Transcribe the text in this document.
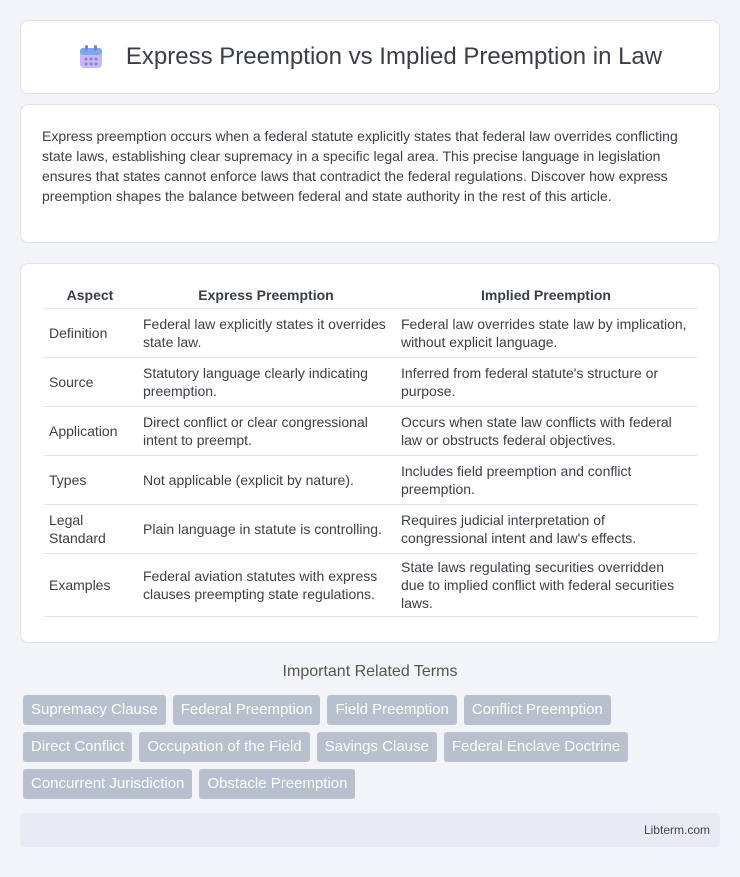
Express Preemption vs Implied Preemption in Law

Express preemption occurs when a federal statute explicitly states that federal law overrides conflicting state laws, establishing clear supremacy in a specific legal area. This precise language in legislation ensures that states cannot enforce laws that contradict the federal regulations. Discover how express preemption shapes the balance between federal and state authority in the rest of this article.

Aspect	Express Preemption	Implied Preemption
Definition	Federal law explicitly states it overrides state law.	Federal law overrides state law by implication, without explicit language.
Source	Statutory language clearly indicating preemption.	Inferred from federal statute's structure or purpose.
Application	Direct conflict or clear congressional intent to preempt.	Occurs when state law conflicts with federal law or obstructs federal objectives.
Types	Not applicable (explicit by nature).	Includes field preemption and conflict preemption.
Legal Standard	Plain language in statute is controlling.	Requires judicial interpretation of congressional intent and law's effects.
Examples	Federal aviation statutes with express clauses preempting state regulations.	State laws regulating securities overridden due to implied conflict with federal securities laws.
Important Related Terms
Supremacy Clause	Federal Preemption	Field Preemption	Conflict Preemption
Direct Conflict	Occupation of the Field	Savings Clause	Federal Enclave Doctrine
Concurrent Jurisdiction	Obstacle Preemption
Libterm.com
